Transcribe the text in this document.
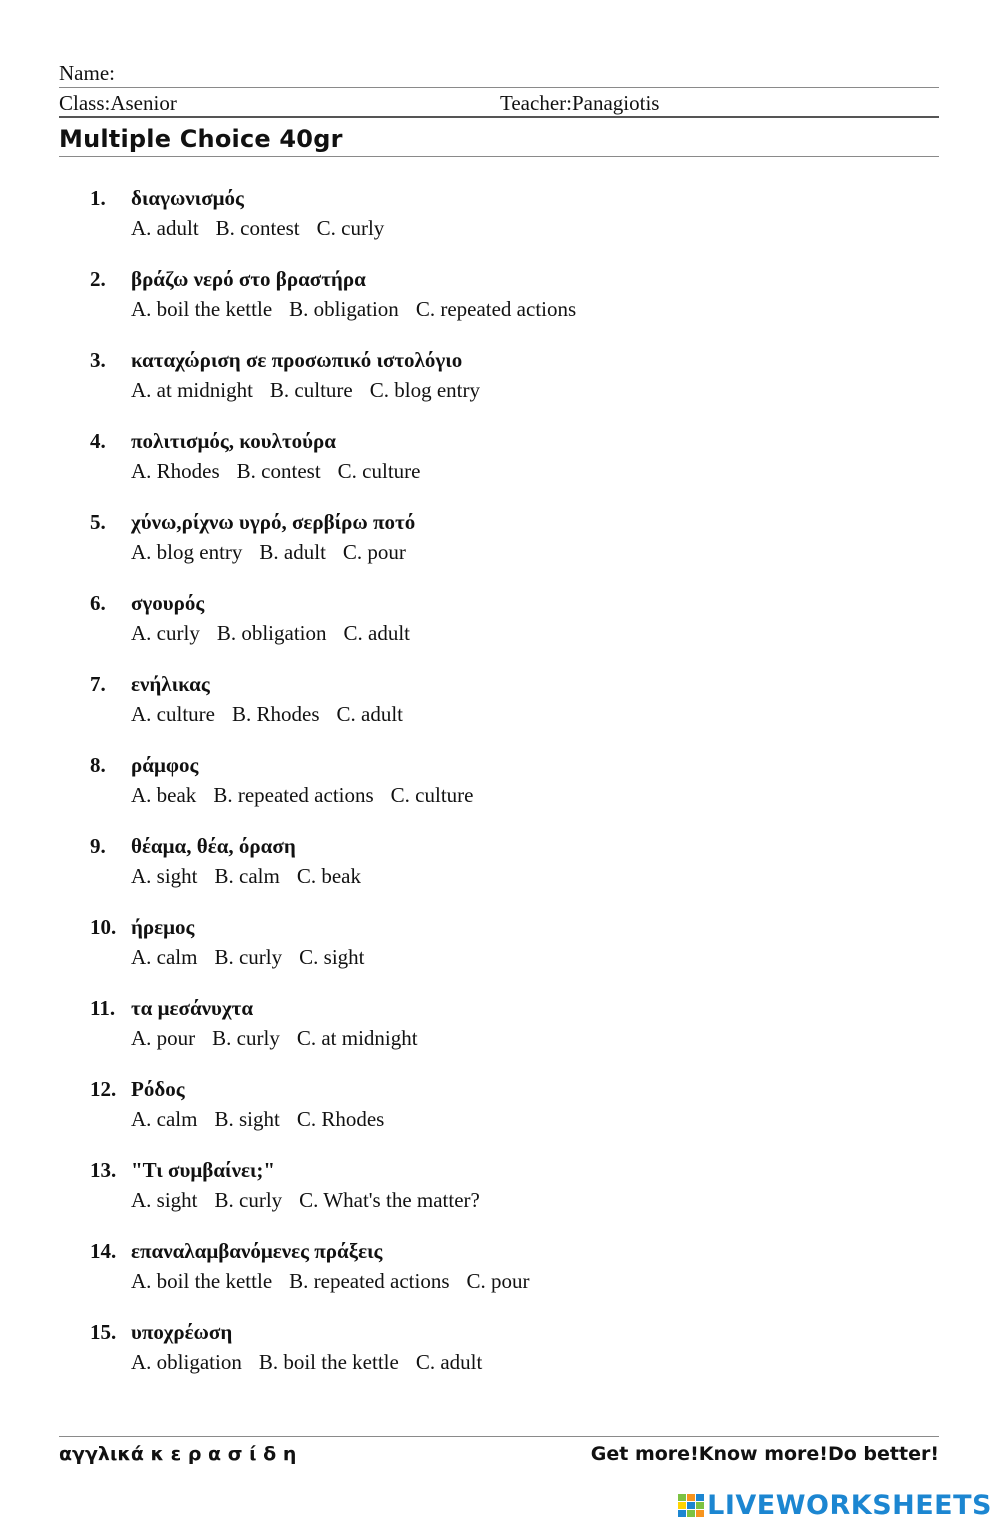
Name:
Class:Asenior	Teacher:Panagiotis
Multiple Choice 40gr
1.	διαγωνισμός
A. adult B. contest C. curly
2.	βράζω νερό στο βραστήρα
A. boil the kettle B. obligation C. repeated actions
3.	καταχώριση σε προσωπικό ιστολόγιο
A. at midnight B. culture C. blog entry
4.	πολιτισμός, κουλτούρα
A. Rhodes B. contest C. culture
5.	χύνω,ρίχνω υγρό, σερβίρω ποτό
A. blog entry B. adult C. pour
6.	σγουρός
A. curly B. obligation C. adult
7.	ενήλικας
A. culture B. Rhodes C. adult
8.	ράμφος
A. beak B. repeated actions C. culture
9.	θέαμα, θέα, όραση
A. sight B. calm C. beak
10. ήρεμος
A. calm B. curly C. sight
11. τα μεσάνυχτα
A. pour B. curly C. at midnight
12. Ρόδος
A. calm B. sight C. Rhodes
13. "Τι συμβαίνει;"
A. sight B. curly C. What's the matter?
14. επαναλαμβανόμενες πράξεις
A. boil the kettle B. repeated actions C. pour
15. υποχρέωση
A. obligation B. boil the kettle C. adult
αγγλικά κ ε ρ α σ ί δ η	Get more!Know more!Do better!
LIVEWORKSHEETS
